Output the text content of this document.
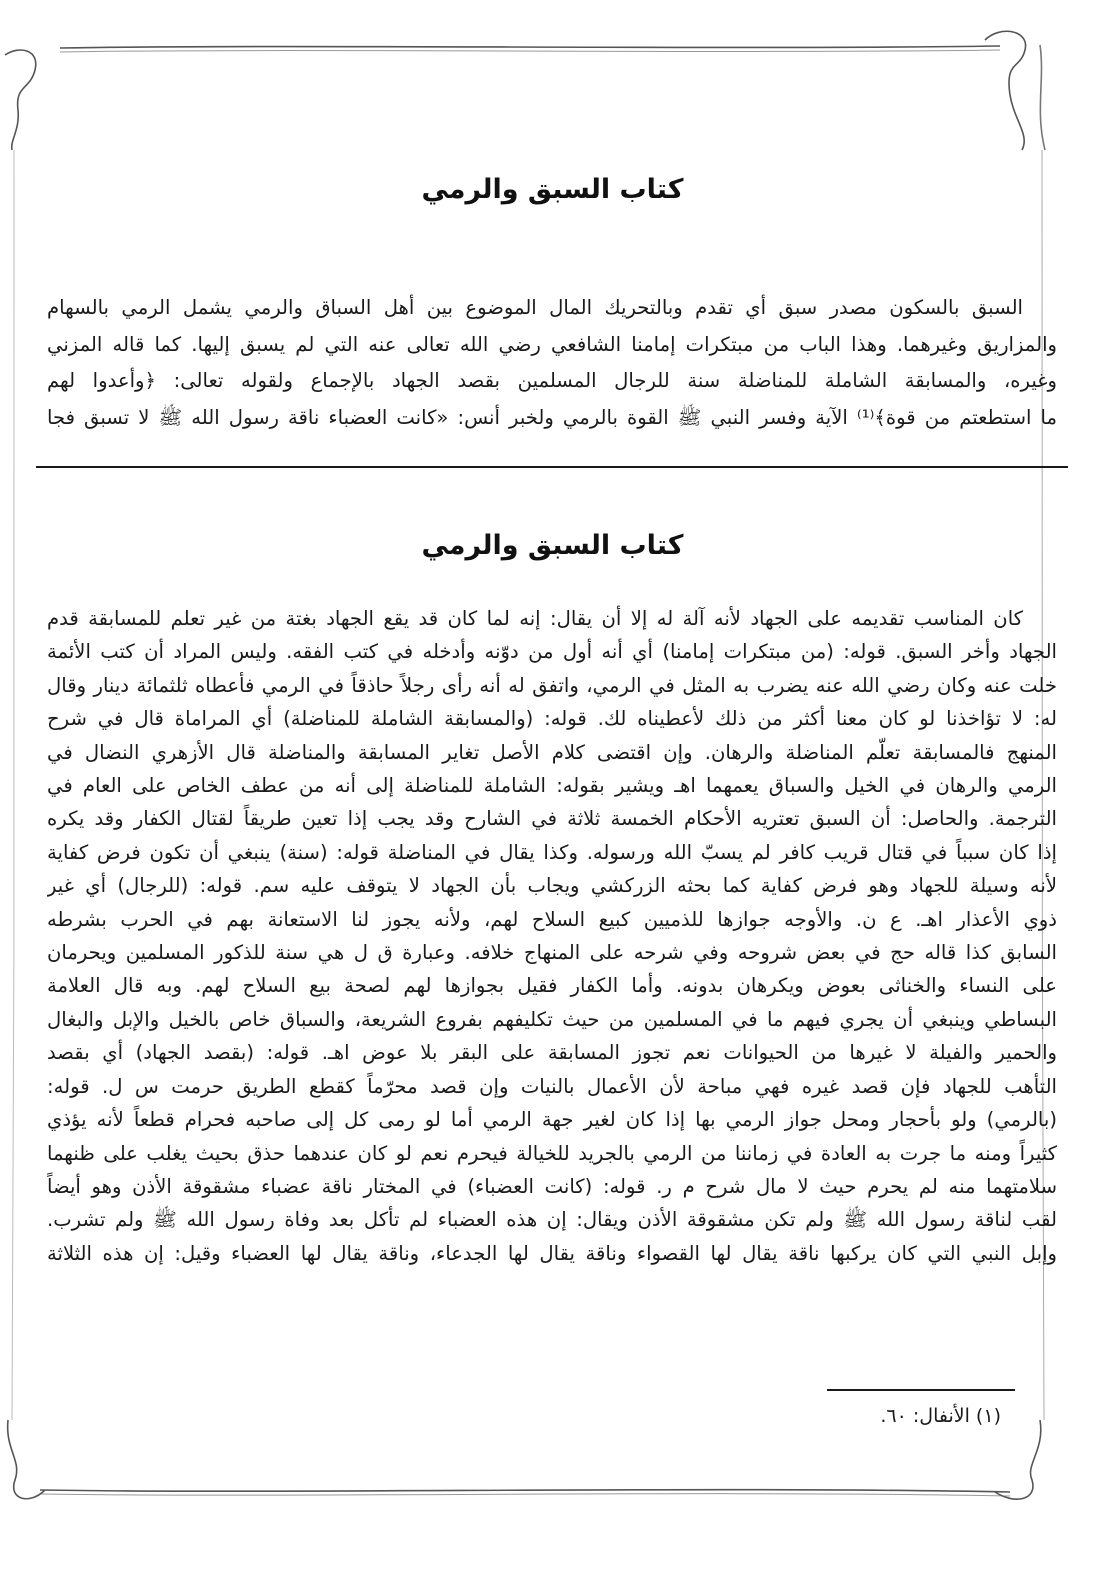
كتاب السبق والرمي
السبق بالسكون مصدر سبق أي تقدم وبالتحريك المال الموضوع بين أهل السباق والرمي يشمل الرمي بالسهام
والمزاريق وغيرهما. وهذا الباب من مبتكرات إمامنا الشافعي رضي الله تعالى عنه التي لم يسبق إليها. كما قاله المزني
وغيره، والمسابقة الشاملة للمناضلة سنة للرجال المسلمين بقصد الجهاد بالإجماع ولقوله تعالى: ﴿وأعدوا لهم
ما استطعتم من قوة﴾⁽¹⁾ الآية وفسر النبي ﷺ القوة بالرمي ولخبر أنس: «كانت العضباء ناقة رسول الله ﷺ لا تسبق فجا
كتاب السبق والرمي
كان المناسب تقديمه على الجهاد لأنه آلة له إلا أن يقال: إنه لما كان قد يقع الجهاد بغتة من غير تعلم للمسابقة قدم
الجهاد وأخر السبق. قوله: (من مبتكرات إمامنا) أي أنه أول من دوّنه وأدخله في كتب الفقه. وليس المراد أن كتب الأئمة
خلت عنه وكان رضي الله عنه يضرب به المثل في الرمي، واتفق له أنه رأى رجلاً حاذقاً في الرمي فأعطاه ثلثمائة دينار وقال
له: لا تؤاخذنا لو كان معنا أكثر من ذلك لأعطيناه لك. قوله: (والمسابقة الشاملة للمناضلة) أي المراماة قال في شرح
المنهج فالمسابقة تعلّم المناضلة والرهان. وإن اقتضى كلام الأصل تغاير المسابقة والمناضلة قال الأزهري النضال في
الرمي والرهان في الخيل والسباق يعمهما اهـ ويشير بقوله: الشاملة للمناضلة إلى أنه من عطف الخاص على العام في
الترجمة. والحاصل: أن السبق تعتريه الأحكام الخمسة ثلاثة في الشارح وقد يجب إذا تعين طريقاً لقتال الكفار وقد يكره
إذا كان سبباً في قتال قريب كافر لم يسبّ الله ورسوله. وكذا يقال في المناضلة قوله: (سنة) ينبغي أن تكون فرض كفاية
لأنه وسيلة للجهاد وهو فرض كفاية كما بحثه الزركشي ويجاب بأن الجهاد لا يتوقف عليه سم. قوله: (للرجال) أي غير
ذوي الأعذار اهـ. ع ن. والأوجه جوازها للذميين كبيع السلاح لهم، ولأنه يجوز لنا الاستعانة بهم في الحرب بشرطه
السابق كذا قاله حج في بعض شروحه وفي شرحه على المنهاج خلافه. وعبارة ق ل هي سنة للذكور المسلمين ويحرمان
على النساء والخناثى بعوض ويكرهان بدونه. وأما الكفار فقيل بجوازها لهم لصحة بيع السلاح لهم. وبه قال العلامة
البساطي وينبغي أن يجري فيهم ما في المسلمين من حيث تكليفهم بفروع الشريعة، والسباق خاص بالخيل والإبل والبغال
والحمير والفيلة لا غيرها من الحيوانات نعم تجوز المسابقة على البقر بلا عوض اهـ. قوله: (بقصد الجهاد) أي بقصد
التأهب للجهاد فإن قصد غيره فهي مباحة لأن الأعمال بالنيات وإن قصد محرّماً كقطع الطريق حرمت س ل. قوله:
(بالرمي) ولو بأحجار ومحل جواز الرمي بها إذا كان لغير جهة الرمي أما لو رمى كل إلى صاحبه فحرام قطعاً لأنه يؤذي
كثيراً ومنه ما جرت به العادة في زماننا من الرمي بالجريد للخيالة فيحرم نعم لو كان عندهما حذق بحيث يغلب على ظنهما
سلامتهما منه لم يحرم حيث لا مال شرح م ر. قوله: (كانت العضباء) في المختار ناقة عضباء مشقوقة الأذن وهو أيضاً
لقب لناقة رسول الله ﷺ ولم تكن مشقوقة الأذن ويقال: إن هذه العضباء لم تأكل بعد وفاة رسول الله ﷺ ولم تشرب.
وإبل النبي التي كان يركبها ناقة يقال لها القصواء وناقة يقال لها الجدعاء، وناقة يقال لها العضباء وقيل: إن هذه الثلاثة
(١) الأنفال: ٦٠.
